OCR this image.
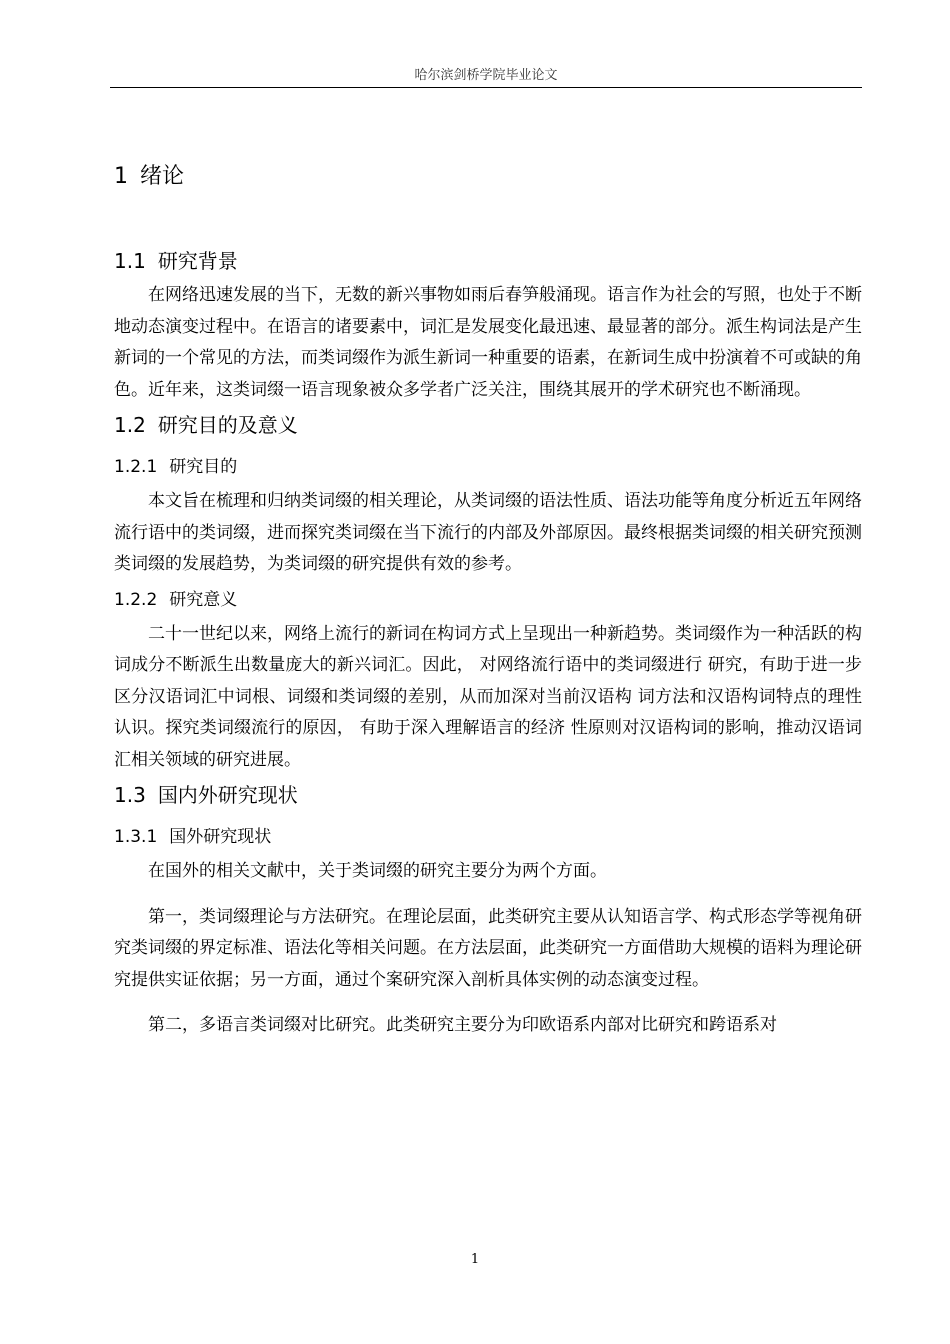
哈尔滨剑桥学院毕业论文
1 绪论
1.1 研究背景

在网络迅速发展的当下，无数的新兴事物如雨后春笋般涌现。语言作为社会的写照，也处于不断地动态演变过程中。在语言的诸要素中，词汇是发展变化最迅速、最显著的部分。派生构词法是产生新词的一个常见的方法，而类词缀作为派生新词一种重要的语素，在新词生成中扮演着不可或缺的角色。近年来，这类词缀一语言现象被众多学者广泛关注，围绕其展开的学术研究也不断涌现。

1.2 研究目的及意义
1.2.1 研究目的

本文旨在梳理和归纳类词缀的相关理论，从类词缀的语法性质、语法功能等角度分析近五年网络流行语中的类词缀，进而探究类词缀在当下流行的内部及外部原因。最终根据类词缀的相关研究预测类词缀的发展趋势，为类词缀的研究提供有效的参考。

1.2.2 研究意义

二十一世纪以来，网络上流行的新词在构词方式上呈现出一种新趋势。类词缀作为一种活跃的构词成分不断派生出数量庞大的新兴词汇。因此， 对网络流行语中的类词缀进行 研究，有助于进一步区分汉语词汇中词根、词缀和类词缀的差别，从而加深对当前汉语构 词方法和汉语构词特点的理性认识。探究类词缀流行的原因， 有助于深入理解语言的经济 性原则对汉语构词的影响，推动汉语词汇相关领域的研究进展。

1.3 国内外研究现状
1.3.1 国外研究现状

在国外的相关文献中，关于类词缀的研究主要分为两个方面。

第一，类词缀理论与方法研究。在理论层面，此类研究主要从认知语言学、构式形态学等视角研究类词缀的界定标准、语法化等相关问题。在方法层面，此类研究一方面借助大规模的语料为理论研究提供实证依据；另一方面，通过个案研究深入剖析具体实例的动态演变过程。

第二，多语言类词缀对比研究。此类研究主要分为印欧语系内部对比研究和跨语系对

1
